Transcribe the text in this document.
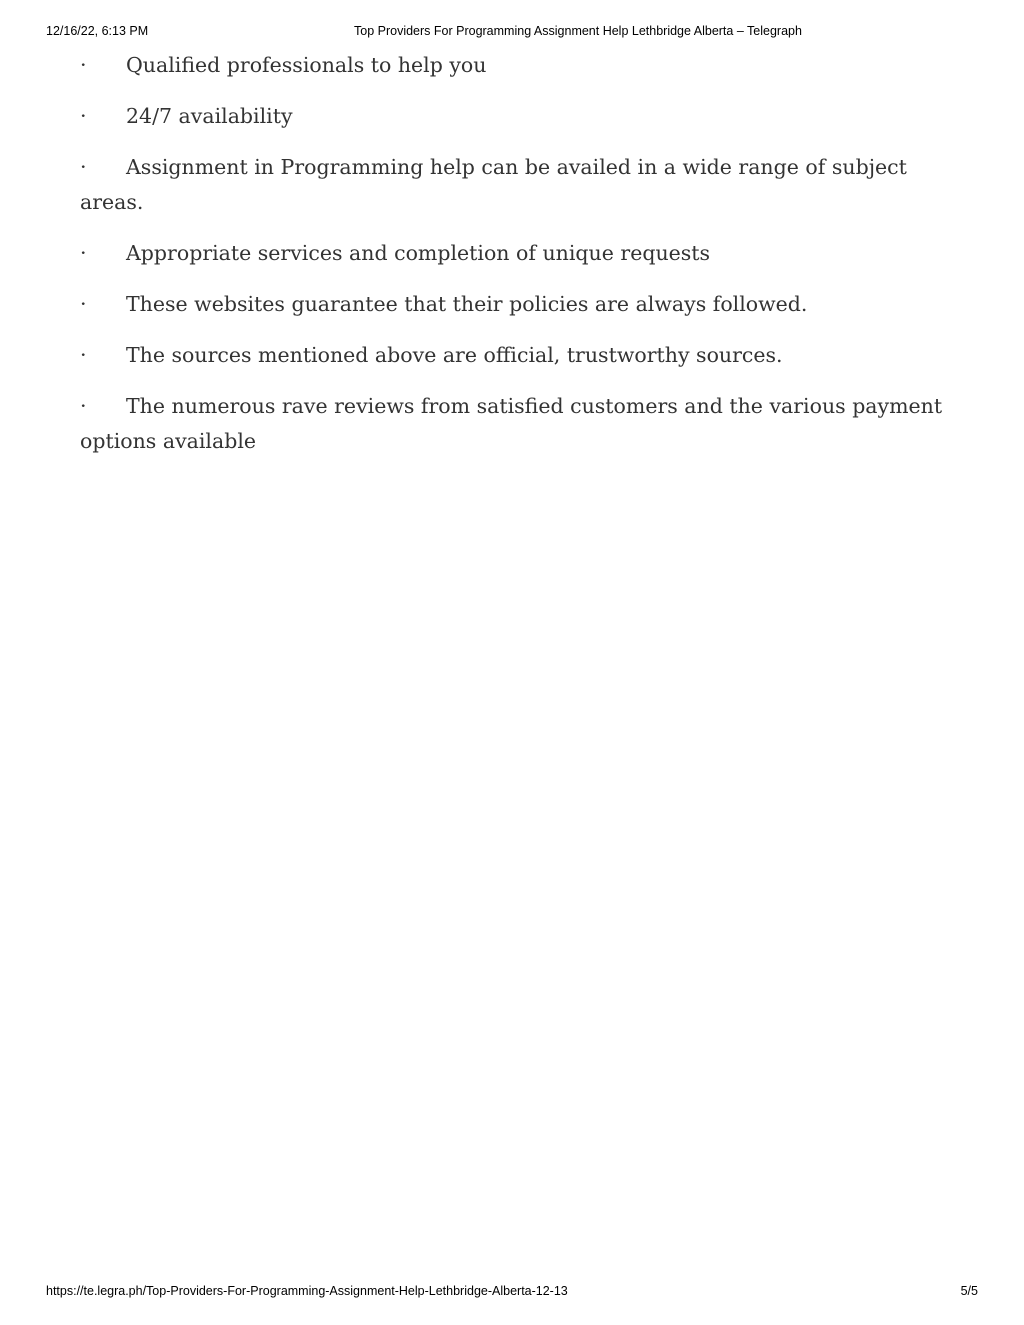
12/16/22, 6:13 PM	Top Providers For Programming Assignment Help Lethbridge Alberta – Telegraph

· Qualified professionals to help you

· 24/7 availability

· Assignment in Programming help can be availed in a wide range of subject areas.

· Appropriate services and completion of unique requests

· These websites guarantee that their policies are always followed.

· The sources mentioned above are official, trustworthy sources.

· The numerous rave reviews from satisfied customers and the various payment options available

https://te.legra.ph/Top-Providers-For-Programming-Assignment-Help-Lethbridge-Alberta-12-13	5/5
